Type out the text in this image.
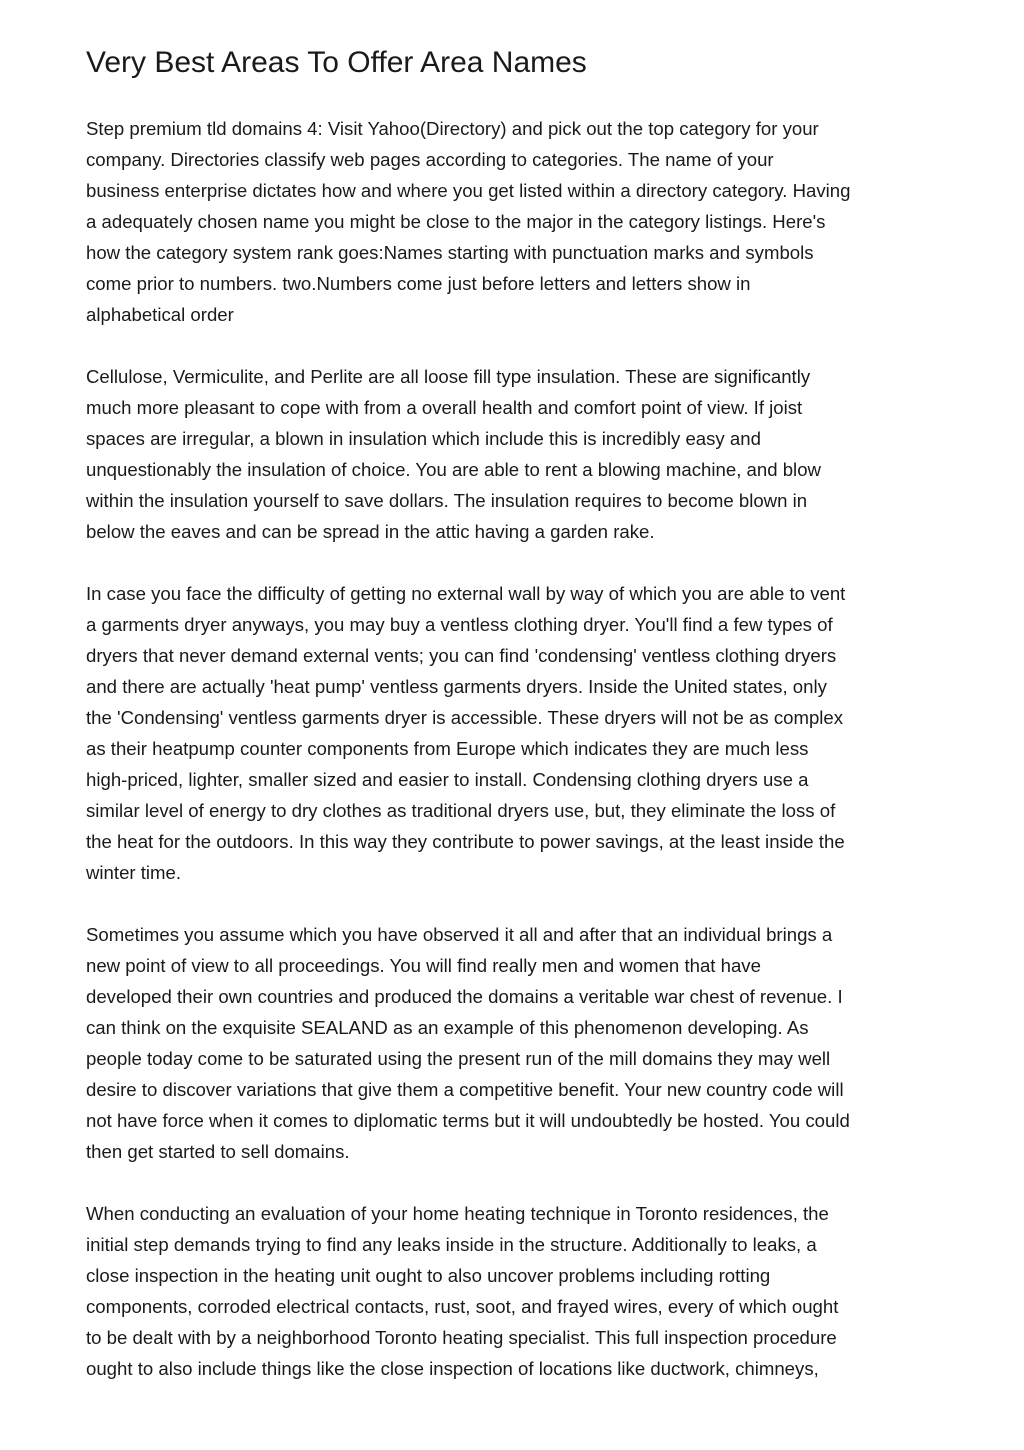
Very Best Areas To Offer Area Names

Step premium tld domains 4: Visit Yahoo(Directory) and pick out the top category for your
company. Directories classify web pages according to categories. The name of your
business enterprise dictates how and where you get listed within a directory category. Having
a adequately chosen name you might be close to the major in the category listings. Here's
how the category system rank goes:Names starting with punctuation marks and symbols
come prior to numbers. two.Numbers come just before letters and letters show in
alphabetical order

Cellulose, Vermiculite, and Perlite are all loose fill type insulation. These are significantly
much more pleasant to cope with from a overall health and comfort point of view. If joist
spaces are irregular, a blown in insulation which include this is incredibly easy and
unquestionably the insulation of choice. You are able to rent a blowing machine, and blow
within the insulation yourself to save dollars. The insulation requires to become blown in
below the eaves and can be spread in the attic having a garden rake.

In case you face the difficulty of getting no external wall by way of which you are able to vent
a garments dryer anyways, you may buy a ventless clothing dryer. You'll find a few types of
dryers that never demand external vents; you can find 'condensing' ventless clothing dryers
and there are actually 'heat pump' ventless garments dryers. Inside the United states, only
the 'Condensing' ventless garments dryer is accessible. These dryers will not be as complex
as their heatpump counter components from Europe which indicates they are much less
high-priced, lighter, smaller sized and easier to install. Condensing clothing dryers use a
similar level of energy to dry clothes as traditional dryers use, but, they eliminate the loss of
the heat for the outdoors. In this way they contribute to power savings, at the least inside the
winter time.

Sometimes you assume which you have observed it all and after that an individual brings a
new point of view to all proceedings. You will find really men and women that have
developed their own countries and produced the domains a veritable war chest of revenue. I
can think on the exquisite SEALAND as an example of this phenomenon developing. As
people today come to be saturated using the present run of the mill domains they may well
desire to discover variations that give them a competitive benefit. Your new country code will
not have force when it comes to diplomatic terms but it will undoubtedly be hosted. You could
then get started to sell domains.

When conducting an evaluation of your home heating technique in Toronto residences, the
initial step demands trying to find any leaks inside in the structure. Additionally to leaks, a
close inspection in the heating unit ought to also uncover problems including rotting
components, corroded electrical contacts, rust, soot, and frayed wires, every of which ought
to be dealt with by a neighborhood Toronto heating specialist. This full inspection procedure
ought to also include things like the close inspection of locations like ductwork, chimneys,
